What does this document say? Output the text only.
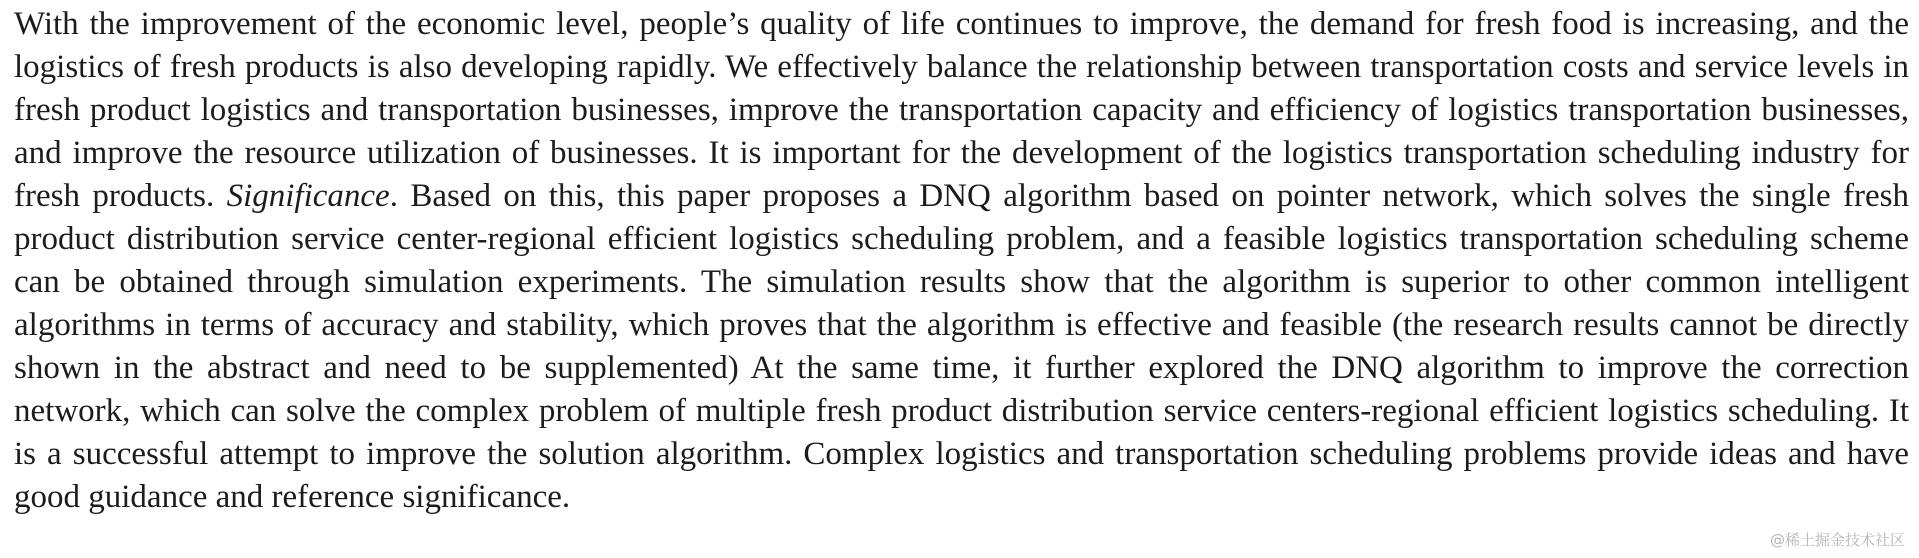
With the improvement of the economic level, people’s quality of life continues to improve, the demand for fresh food is increasing, and the logistics of fresh products is also developing rapidly. We effectively balance the relationship between transportation costs and service levels in fresh product logistics and transportation businesses, improve the transportation capacity and efficiency of logistics transportation businesses, and improve the resource utilization of businesses. It is important for the development of the logistics transportation scheduling industry for fresh products. Significance. Based on this, this paper proposes a DNQ algorithm based on pointer network, which solves the single fresh product distribution service center-regional efficient logistics scheduling problem, and a feasible logistics transportation scheduling scheme can be obtained through simulation experiments. The simulation results show that the algorithm is superior to other common intelligent algorithms in terms of accuracy and stability, which proves that the algorithm is effective and feasible (the research results cannot be directly shown in the abstract and need to be supplemented) At the same time, it further explored the DNQ algorithm to improve the correction network, which can solve the complex problem of multiple fresh product distribution service centers-regional efficient logistics scheduling. It is a successful attempt to improve the solution algorithm. Complex logistics and transportation scheduling problems provide ideas and have good guidance and reference significance.

@稀土掘金技术社区
